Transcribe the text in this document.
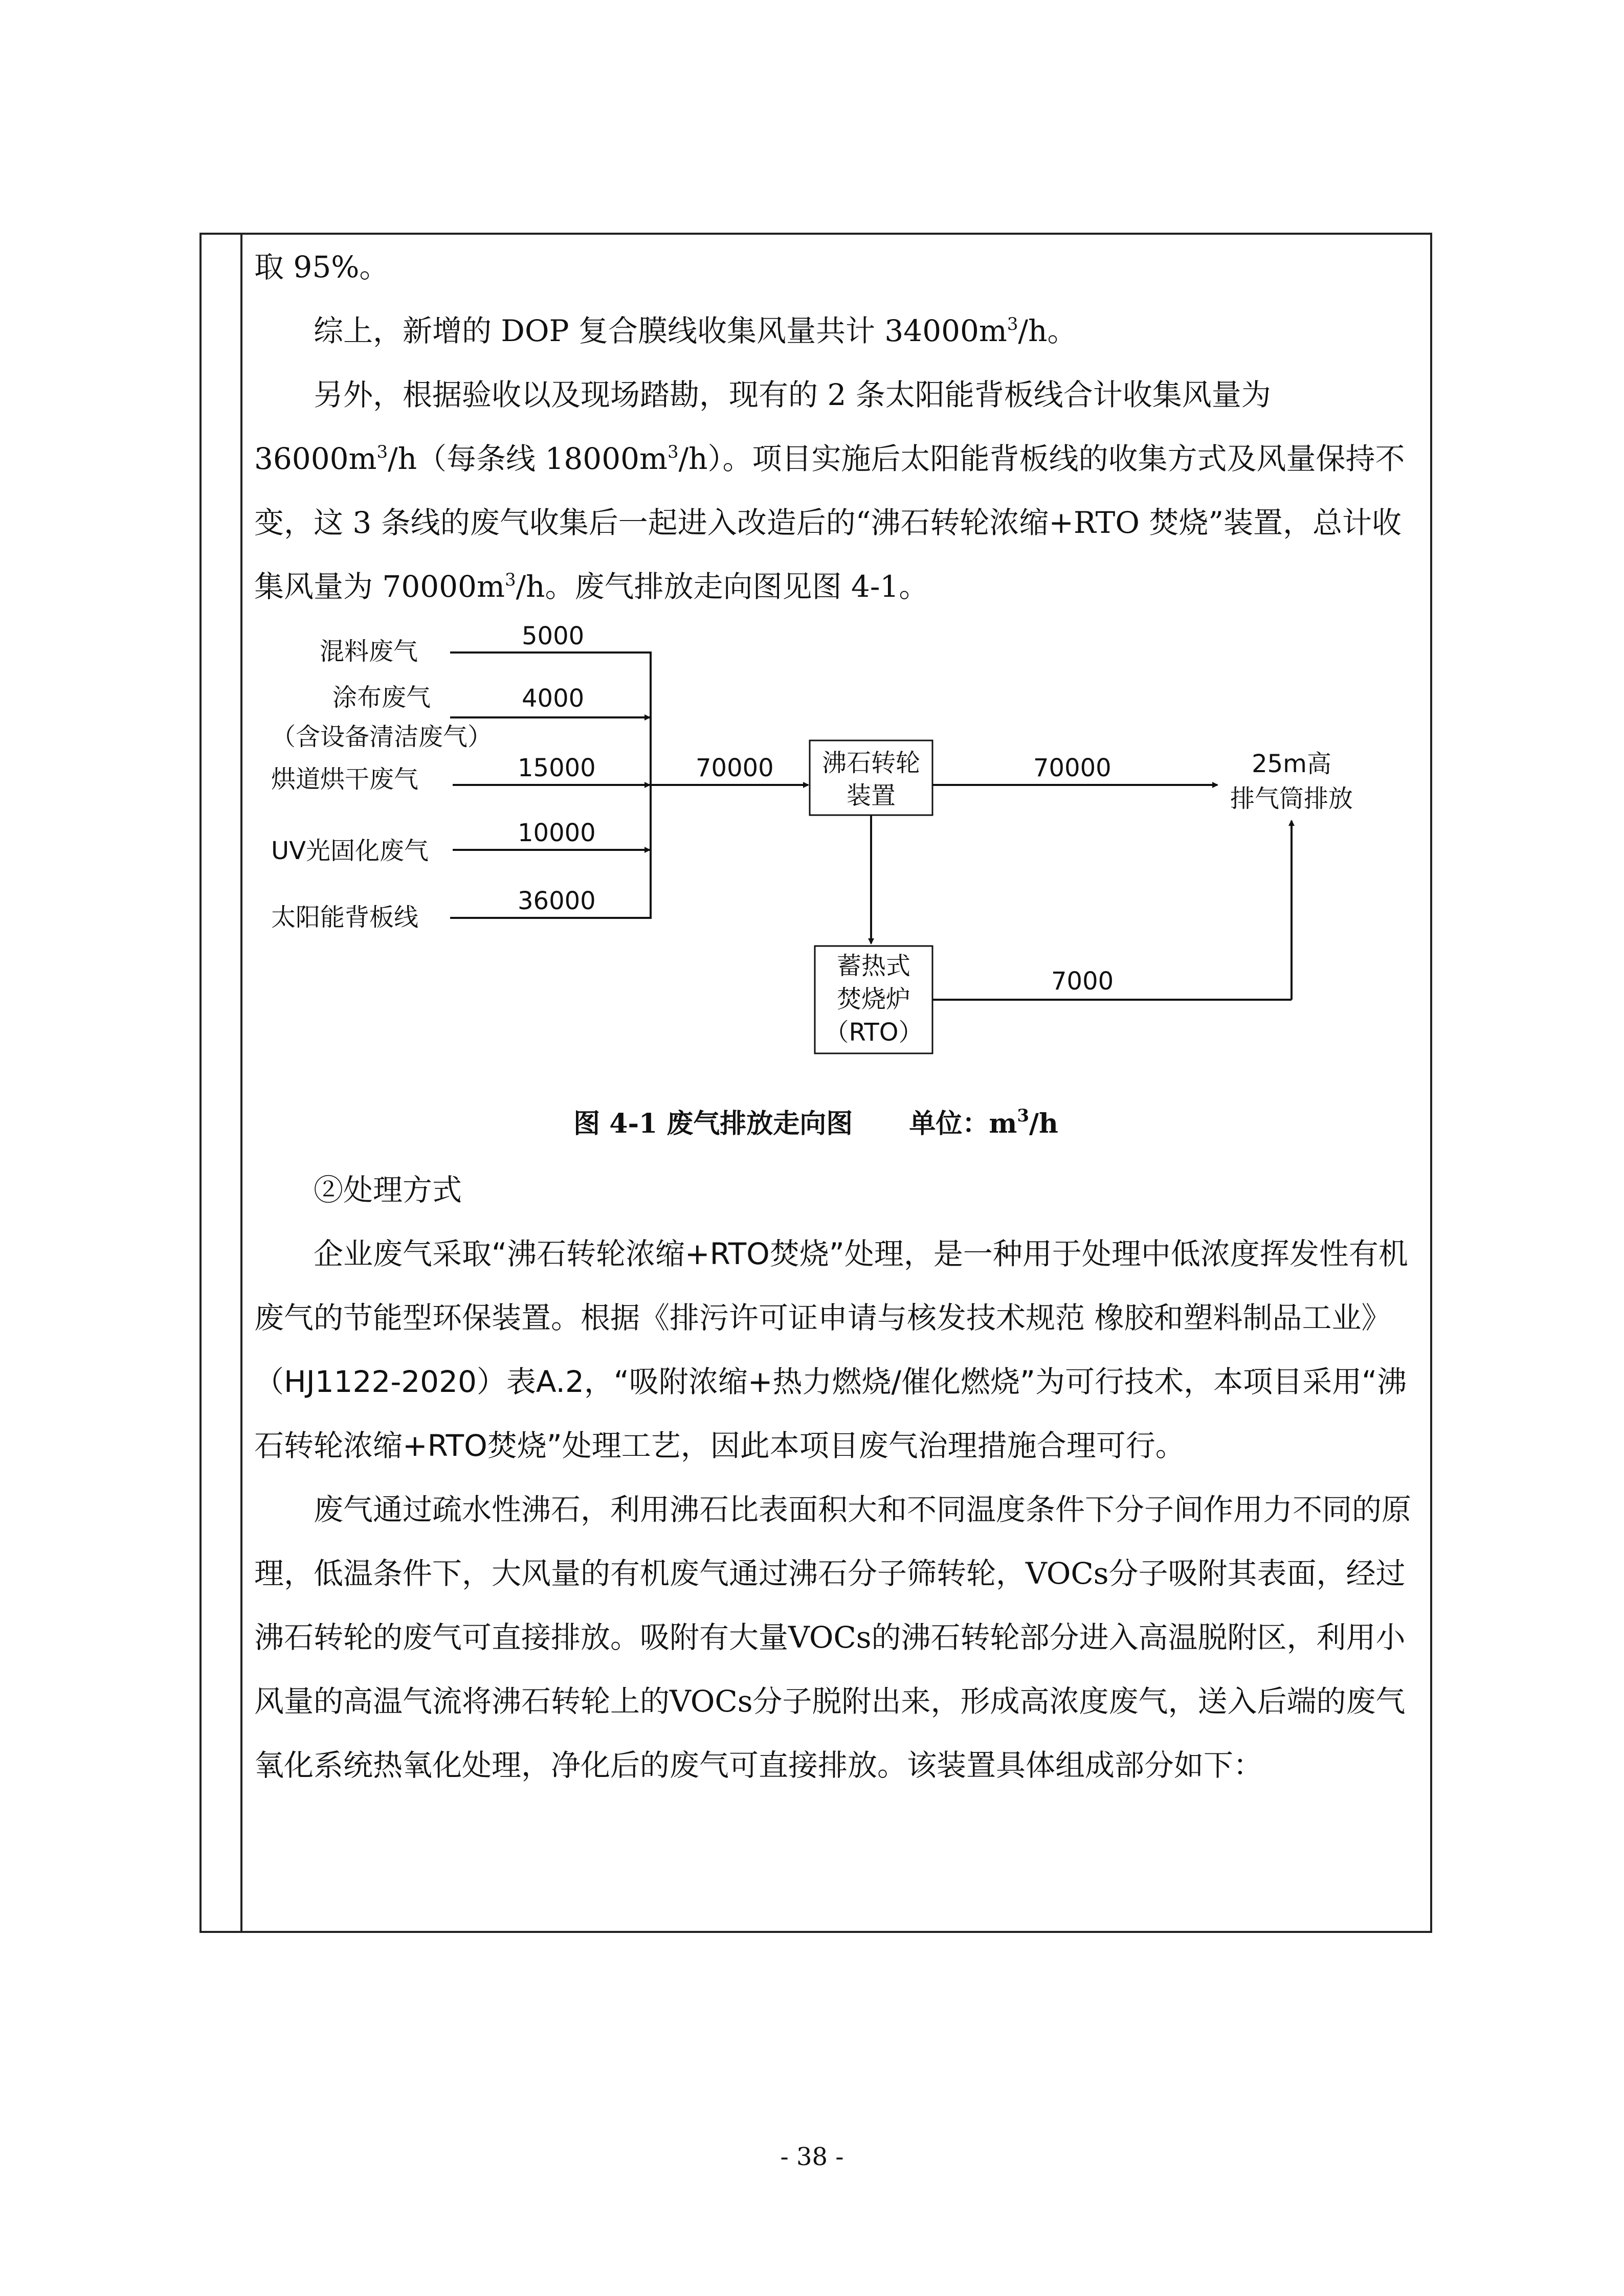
取 95%。

综上，新增的 DOP 复合膜线收集风量共计 $34000m^3/h$。

另外，根据验收以及现场踏勘，现有的 2 条太阳能背板线合计收集风量为 $36000m^3/h$（每条线 $18000m^3/h$）。项目实施后太阳能背板线的收集方式及风量保持不变，这 3 条线的废气收集后一起进入改造后的“沸石转轮浓缩+RTO 焚烧”装置，总计收集风量为 $70000m^3/h$。废气排放走向图见图 4-1。

混料废气
涂布废气
（含设备清洁废气）
烘道烘干废气
UV光固化废气
太阳能背板线
5000
4000
15000
10000
36000
70000 沸石转轮
装置
70000	25m高
排气筒排放
蓄热式
焚烧炉
（RTO）
7000
图 4-1 废气排放走向图 单位：$m^3/h$

②处理方式

企业废气采取“沸石转轮浓缩+RTO焚烧”处理，是一种用于处理中低浓度挥发性有机废气的节能型环保装置。根据《排污许可证申请与核发技术规范 橡胶和塑料制品工业》（HJ1122-2020）表A.2，“吸附浓缩+热力燃烧/催化燃烧”为可行技术，本项目采用“沸石转轮浓缩+RTO焚烧”处理工艺，因此本项目废气治理措施合理可行。

废气通过疏水性沸石，利用沸石比表面积大和不同温度条件下分子间作用力不同的原理，低温条件下，大风量的有机废气通过沸石分子筛转轮，VOCs分子吸附其表面，经过沸石转轮的废气可直接排放。吸附有大量VOCs的沸石转轮部分进入高温脱附区，利用小风量的高温气流将沸石转轮上的VOCs分子脱附出来，形成高浓度废气，送入后端的废气氧化系统热氧化处理，净化后的废气可直接排放。该装置具体组成部分如下：

- 38 -
